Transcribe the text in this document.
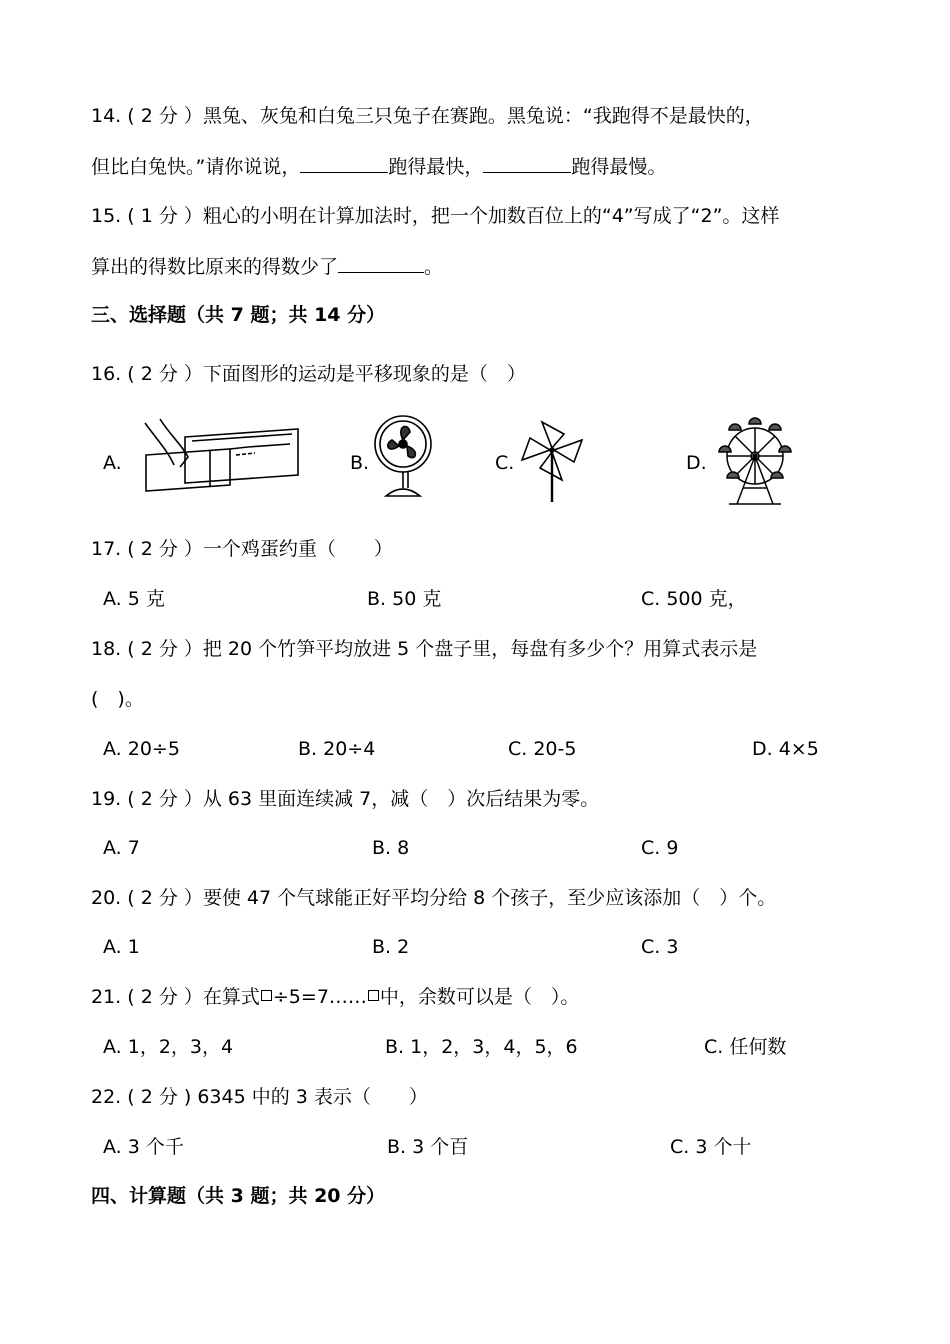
14. ( 2 分 ）黑兔、灰兔和白兔三只兔子在赛跑。黑兔说：“我跑得不是最快的，
但比白兔快。”请你说说，	跑得最快，	跑得最慢。
15. ( 1 分 ）粗心的小明在计算加法时，把一个加数百位上的“4”写成了“2”。这样
算出的得数比原来的得数少了	。
三、选择题（共 7 题；共 14 分）
16. ( 2 分 ）下面图形的运动是平移现象的是（　）
A.	B.	C.	D.
17. ( 2 分 ）一个鸡蛋约重（　　）
A. 5 克	B. 50 克	C. 500 克，
18. ( 2 分 ）把 20 个竹笋平均放进 5 个盘子里，每盘有多少个？用算式表示是
(　)。
A. 20÷5	B. 20÷4	C. 20-5	D. 4×5
19. ( 2 分 ）从 63 里面连续减 7，减（　）次后结果为零。
A. 7	B. 8	C. 9
20. ( 2 分 ）要使 47 个气球能正好平均分给 8 个孩子，至少应该添加（　）个。
A. 1	B. 2	C. 3
21. ( 2 分 ）在算式 ÷5=7…… 中，余数可以是（　）。
A. 1，2，3，4	B. 1，2，3，4，5，6	C. 任何数
22. ( 2 分 ) 6345 中的 3 表示（　　）
A. 3 个千	B. 3 个百	C. 3 个十
四、计算题（共 3 题；共 20 分）
